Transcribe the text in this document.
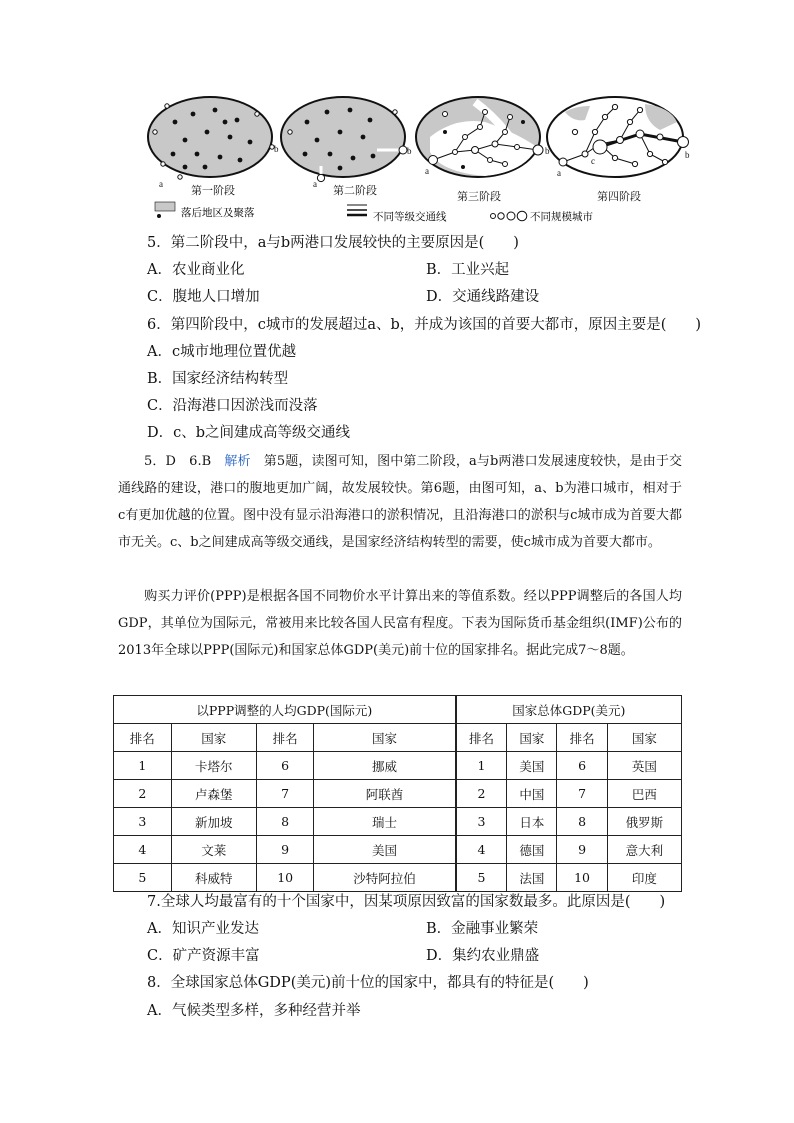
a
b
a
b
a
b
a
c
b
第一阶段	第二阶段	第三阶段	第四阶段
落后地区及聚落	不同等级交通线	不同规模城市
5．第二阶段中，a与b两港口发展较快的主要原因是(　　)
A．农业商业化	B．工业兴起
C．腹地人口增加	D．交通线路建设
6．第四阶段中，c城市的发展超过a、b，并成为该国的首要大都市，原因主要是(　　)
A．c城市地理位置优越
B．国家经济结构转型
C．沿海港口因淤浅而没落
D．c、b之间建成高等级交通线
5．D　6.B　解析　第5题，读图可知，图中第二阶段，a与b两港口发展速度较快，是由于交通线路的建设，港口的腹地更加广阔，故发展较快。第6题，由图可知，a、b为港口城市，相对于c有更加优越的位置。图中没有显示沿海港口的淤积情况，且沿海港口的淤积与c城市成为首要大都市无关。c、b之间建成高等级交通线，是国家经济结构转型的需要，使c城市成为首要大都市。
购买力评价(PPP)是根据各国不同物价水平计算出来的等值系数。经以PPP调整后的各国人均GDP，其单位为国际元，常被用来比较各国人民富有程度。下表为国际货币基金组织(IMF)公布的2013年全球以PPP(国际元)和国家总体GDP(美元)前十位的国家排名。据此完成7～8题。
以PPP调整的人均GDP(国际元)				国家总体GDP(美元)			
排名	国家	排名	国家	排名	国家	排名	国家
1	卡塔尔	6	挪威	1	美国	6	英国
2	卢森堡	7	阿联酋	2	中国	7	巴西
3	新加坡	8	瑞士	3	日本	8	俄罗斯
4	文莱	9	美国	4	德国	9	意大利
5	科威特	10	沙特阿拉伯	5	法国	10	印度
7.全球人均最富有的十个国家中，因某项原因致富的国家数最多。此原因是(　　)
A．知识产业发达	B．金融事业繁荣
C．矿产资源丰富	D．集约农业鼎盛
8．全球国家总体GDP(美元)前十位的国家中，都具有的特征是(　　)
A．气候类型多样，多种经营并举
